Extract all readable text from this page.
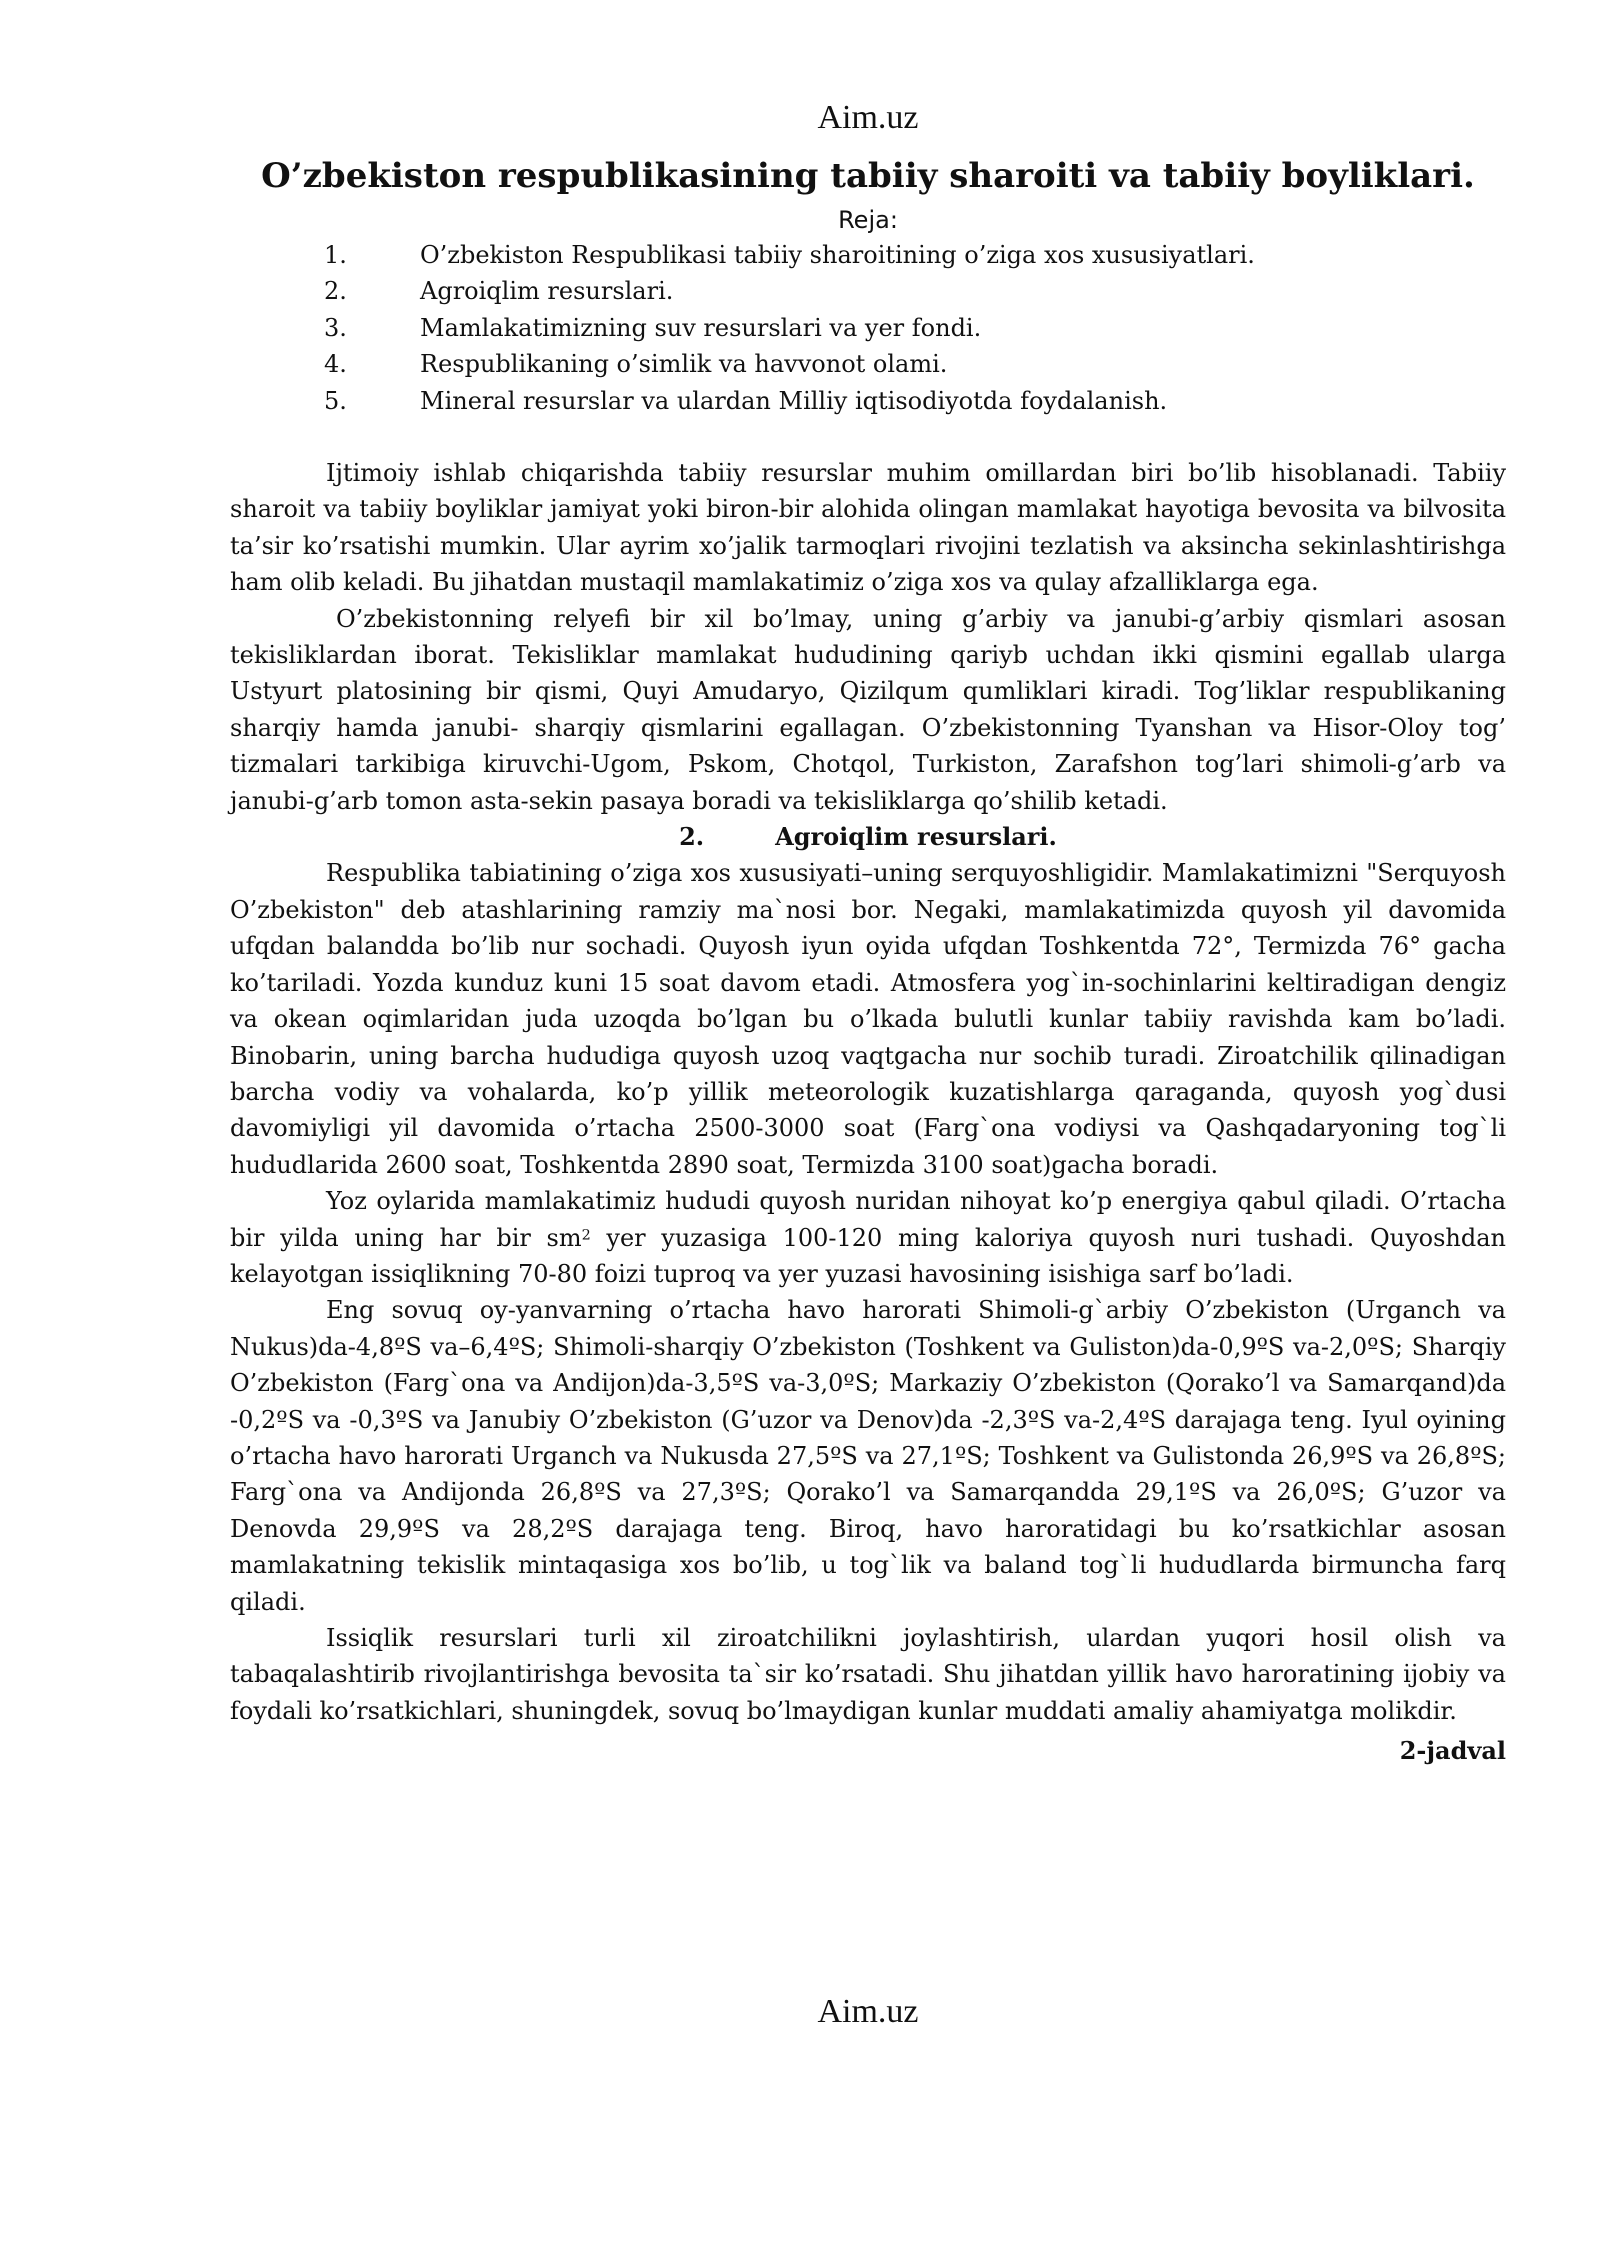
Aim.uz
O’zbekiston respublikasining tabiiy sharoiti va tabiiy boyliklari.
Reja:
1.	O’zbekiston Respublikasi tabiiy sharoitining o’ziga xos xususiyatlari.
2.	Agroiqlim resurslari.
3.	Mamlakatimizning suv resurslari va yer fondi.
4.	Respublikaning o’simlik va havvonot olami.
5.	Mineral resurslar va ulardan Milliy iqtisodiyotda foydalanish.

Ijtimoiy ishlab chiqarishda tabiiy resurslar muhim omillardan biri bo’lib hisoblanadi. Tabiiy sharoit va tabiiy boyliklar jamiyat yoki biron-bir alohida olingan mamlakat hayotiga bevosita va bilvosita ta’sir ko’rsatishi mumkin. Ular ayrim xo’jalik tarmoqlari rivojini tezlatish va aksincha sekinlashtirishga ham olib keladi. Bu jihatdan mustaqil mamlakatimiz o’ziga xos va qulay afzalliklarga ega.

O’zbekistonning relyefi bir xil bo’lmay, uning g’arbiy va janubi-g’arbiy qismlari asosan tekisliklardan iborat. Tekisliklar mamlakat hududining qariyb uchdan ikki qismini egallab ularga Ustyurt platosining bir qismi, Quyi Amudaryo, Qizilqum qumliklari kiradi. Tog’liklar respublikaning sharqiy hamda janubi- sharqiy qismlarini egallagan. O’zbekistonning Tyanshan va Hisor-Oloy tog’ tizmalari tarkibiga kiruvchi-Ugom, Pskom, Chotqol, Turkiston, Zarafshon tog’lari shimoli-g’arb va janubi-g’arb tomon asta-sekin pasaya boradi va tekisliklarga qo’shilib ketadi.

2.	Agroiqlim resurslari.

Respublika tabiatining o’ziga xos xususiyati–uning serquyoshligidir. Mamlakatimizni "Serquyosh O’zbekiston" deb atashlarining ramziy ma`nosi bor. Negaki, mamlakatimizda quyosh yil davomida ufqdan balandda bo’lib nur sochadi. Quyosh iyun oyida ufqdan Toshkentda 72°, Termizda 76° gacha ko’tariladi. Yozda kunduz kuni 15 soat davom etadi. Atmosfera yog`in-sochinlarini keltiradigan dengiz va okean oqimlaridan juda uzoqda bo’lgan bu o’lkada bulutli kunlar tabiiy ravishda kam bo’ladi. Binobarin, uning barcha hududiga quyosh uzoq vaqtgacha nur sochib turadi. Ziroatchilik qilinadigan barcha vodiy va vohalarda, ko’p yillik meteorologik kuzatishlarga qaraganda, quyosh yog`dusi davomiyligi yil davomida o’rtacha 2500-3000 soat (Farg`ona vodiysi va Qashqadaryoning tog`li hududlarida 2600 soat, Toshkentda 2890 soat, Termizda 3100 soat)gacha boradi.

Yoz oylarida mamlakatimiz hududi quyosh nuridan nihoyat ko’p energiya qabul qiladi. O’rtacha bir yilda uning har bir $sm^2$ yer yuzasiga 100-120 ming kaloriya quyosh nuri tushadi. Quyoshdan kelayotgan issiqlikning 70-80 foizi tuproq va yer yuzasi havosining isishiga sarf bo’ladi.

Eng sovuq oy-yanvarning o’rtacha havo harorati Shimoli-g`arbiy O’zbekiston (Urganch va Nukus)da-4,8ºS va–6,4ºS; Shimoli-sharqiy O’zbekiston (Toshkent va Guliston)da-0,9ºS va-2,0ºS; Sharqiy O’zbekiston (Farg`ona va Andijon)da-3,5ºS va-3,0ºS; Markaziy O’zbekiston (Qorako’l va Samarqand)da -0,2ºS va -0,3ºS va Janubiy O’zbekiston (G’uzor va Denov)da -2,3ºS va-2,4ºS darajaga teng. Iyul oyining o’rtacha havo harorati Urganch va Nukusda 27,5ºS va 27,1ºS; Toshkent va Gulistonda 26,9ºS va 26,8ºS; Farg`ona va Andijonda 26,8ºS va 27,3ºS; Qorako’l va Samarqandda 29,1ºS va 26,0ºS; G’uzor va Denovda 29,9ºS va 28,2ºS darajaga teng. Biroq, havo haroratidagi bu ko’rsatkichlar asosan mamlakatning tekislik mintaqasiga xos bo’lib, u tog`lik va baland tog`li hududlarda birmuncha farq qiladi.

Issiqlik resurslari turli xil ziroatchilikni joylashtirish, ulardan yuqori hosil olish va tabaqalashtirib rivojlantirishga bevosita ta`sir ko’rsatadi. Shu jihatdan yillik havo haroratining ijobiy va foydali ko’rsatkichlari, shuningdek, sovuq bo’lmaydigan kunlar muddati amaliy ahamiyatga molikdir.

2-jadval

Aim.uz
